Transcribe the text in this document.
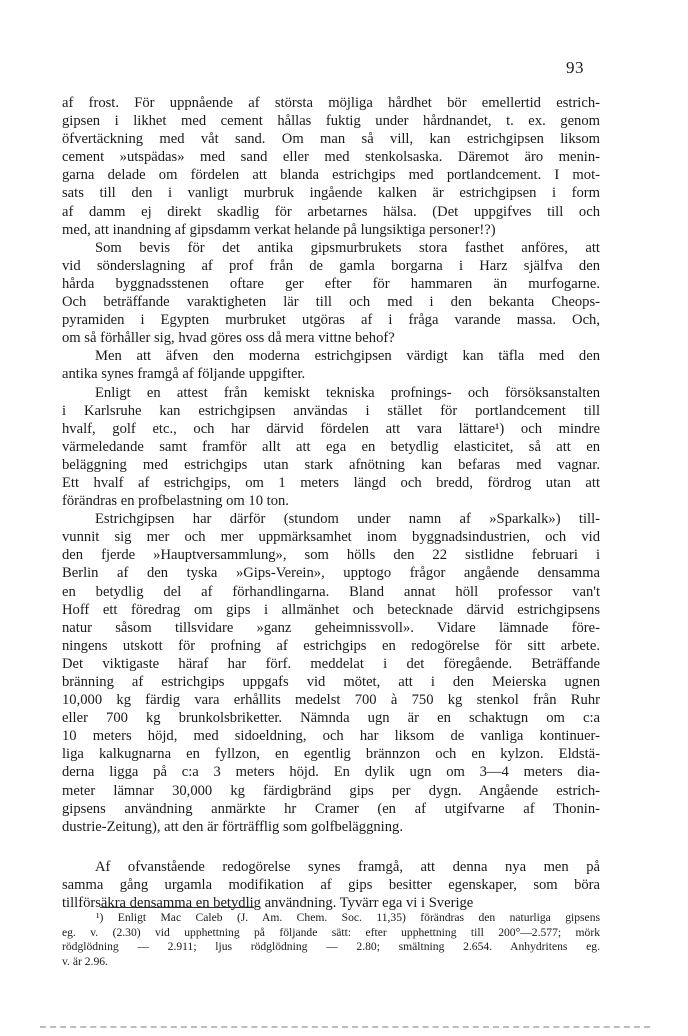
93
af frost. För uppnående af största möjliga hårdhet bör emellertid estrich-
gipsen i likhet med cement hållas fuktig under hårdnandet, t. ex. genom
öfvertäckning med våt sand. Om man så vill, kan estrichgipsen liksom
cement »utspädas» med sand eller med stenkolsaska. Däremot äro menin-
garna delade om fördelen att blanda estrichgips med portlandcement. I mot-
sats till den i vanligt murbruk ingående kalken är estrichgipsen i form
af damm ej direkt skadlig för arbetarnes hälsa. (Det uppgifves till och
med, att inandning af gipsdamm verkat helande på lungsiktiga personer!?)
Som bevis för det antika gipsmurbrukets stora fasthet anföres, att
vid sönderslagning af prof från de gamla borgarna i Harz själfva den
hårda byggnadsstenen oftare ger efter för hammaren än murfogarne.
Och beträffande varaktigheten lär till och med i den bekanta Cheops-
pyramiden i Egypten murbruket utgöras af i fråga varande massa. Och,
om så förhåller sig, hvad göres oss då mera vittne behof?
Men att äfven den moderna estrichgipsen värdigt kan täfla med den
antika synes framgå af följande uppgifter.
Enligt en attest från kemiskt tekniska profnings- och försöksanstalten
i Karlsruhe kan estrichgipsen användas i stället för portlandcement till
hvalf, golf etc., och har därvid fördelen att vara lättare¹) och mindre
värmeledande samt framför allt att ega en betydlig elasticitet, så att en
beläggning med estrichgips utan stark afnötning kan befaras med vagnar.
Ett hvalf af estrichgips, om 1 meters längd och bredd, fördrog utan att
förändras en profbelastning om 10 ton.
Estrichgipsen har därför (stundom under namn af »Sparkalk») till-
vunnit sig mer och mer uppmärksamhet inom byggnadsindustrien, och vid
den fjerde »Hauptversammlung», som hölls den 22 sistlidne februari i
Berlin af den tyska »Gips-Verein», upptogo frågor angående densamma
en betydlig del af förhandlingarna. Bland annat höll professor van't
Hoff ett föredrag om gips i allmänhet och betecknade därvid estrichgipsens
natur såsom tillsvidare »ganz geheimnissvoll». Vidare lämnade före-
ningens utskott för profning af estrichgips en redogörelse för sitt arbete.
Det viktigaste häraf har förf. meddelat i det föregående. Beträffande
bränning af estrichgips uppgafs vid mötet, att i den Meierska ugnen
10,000 kg färdig vara erhållits medelst 700 à 750 kg stenkol från Ruhr
eller 700 kg brunkolsbriketter. Nämnda ugn är en schaktugn om c:a
10 meters höjd, med sidoeldning, och har liksom de vanliga kontinuer-
liga kalkugnarna en fyllzon, en egentlig brännzon och en kylzon. Eldstä-
derna ligga på c:a 3 meters höjd. En dylik ugn om 3—4 meters dia-
meter lämnar 30,000 kg färdigbränd gips per dygn. Angående estrich-
gipsens användning anmärkte hr Cramer (en af utgifvarne af Thonin-
dustrie-Zeitung), att den är förträfflig som golfbeläggning.
Af ofvanstående redogörelse synes framgå, att denna nya men på
samma gång urgamla modifikation af gips besitter egenskaper, som böra
tillförsäkra densamma en betydlig användning. Tyvärr ega vi i Sverige
¹) Enligt Mac Caleb (J. Am. Chem. Soc. 11,35) förändras den naturliga gipsens
eg. v. (2.30) vid upphettning på följande sätt: efter upphettning till 200°—2.577; mörk
rödglödning — 2.911; ljus rödglödning — 2.80; smältning 2.654. Anhydritens eg.
v. är 2.96.
